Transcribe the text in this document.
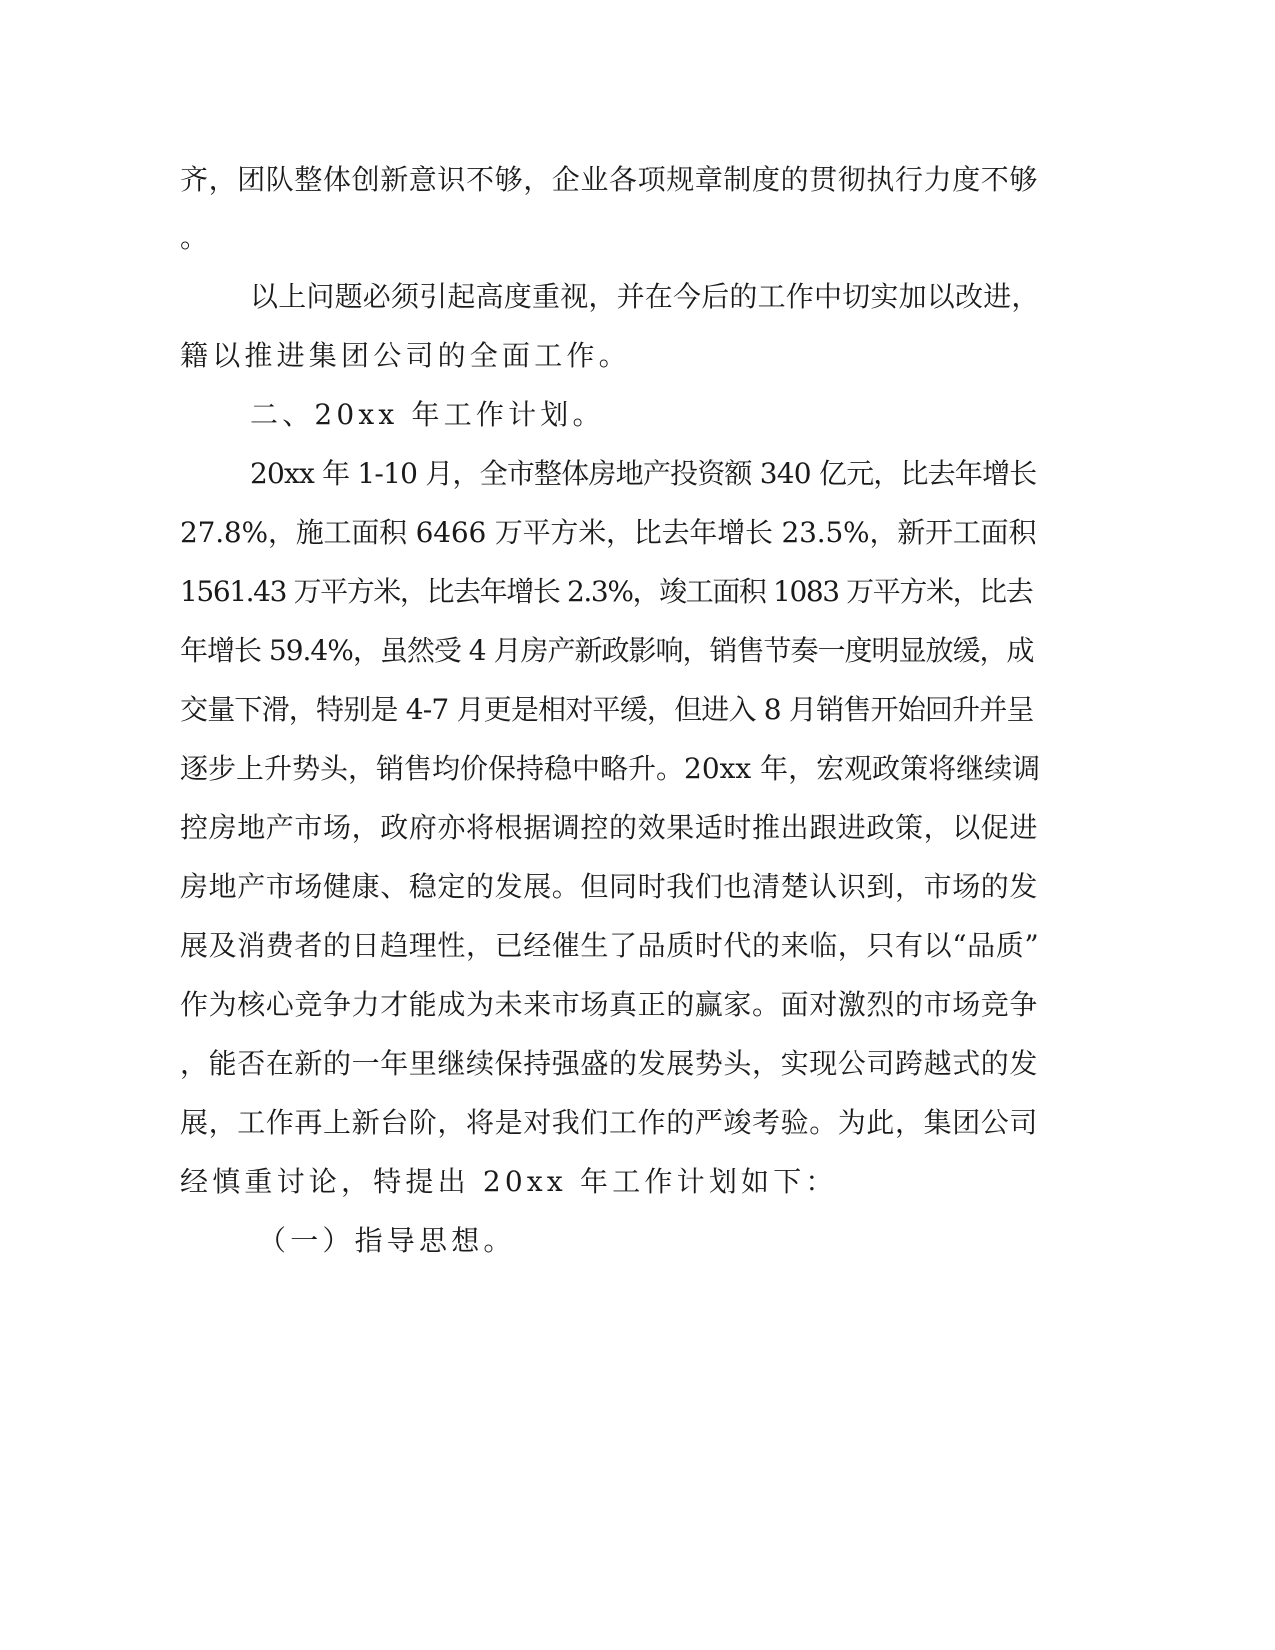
齐，团队整体创新意识不够，企业各项规章制度的贯彻执行力度不够
。
以上问题必须引起高度重视，并在今后的工作中切实加以改进，
籍以推进集团公司的全面工作。
二、20xx 年工作计划。
20xx 年 1-10 月，全市整体房地产投资额 340 亿元，比去年增长
27.8%，施工面积 6466 万平方米，比去年增长 23.5%，新开工面积
1561.43 万平方米，比去年增长 2.3%，竣工面积 1083 万平方米，比去
年增长 59.4%，虽然受 4 月房产新政影响，销售节奏一度明显放缓，成
交量下滑，特别是 4-7 月更是相对平缓，但进入 8 月销售开始回升并呈
逐步上升势头，销售均价保持稳中略升。20xx 年，宏观政策将继续调
控房地产市场，政府亦将根据调控的效果适时推出跟进政策，以促进
房地产市场健康、稳定的发展。但同时我们也清楚认识到，市场的发
展及消费者的日趋理性，已经催生了品质时代的来临，只有以“品质”
作为核心竞争力才能成为未来市场真正的赢家。面对激烈的市场竞争
，能否在新的一年里继续保持强盛的发展势头，实现公司跨越式的发
展，工作再上新台阶，将是对我们工作的严竣考验。为此，集团公司
经慎重讨论，特提出 20xx 年工作计划如下：
（一）指导思想。
